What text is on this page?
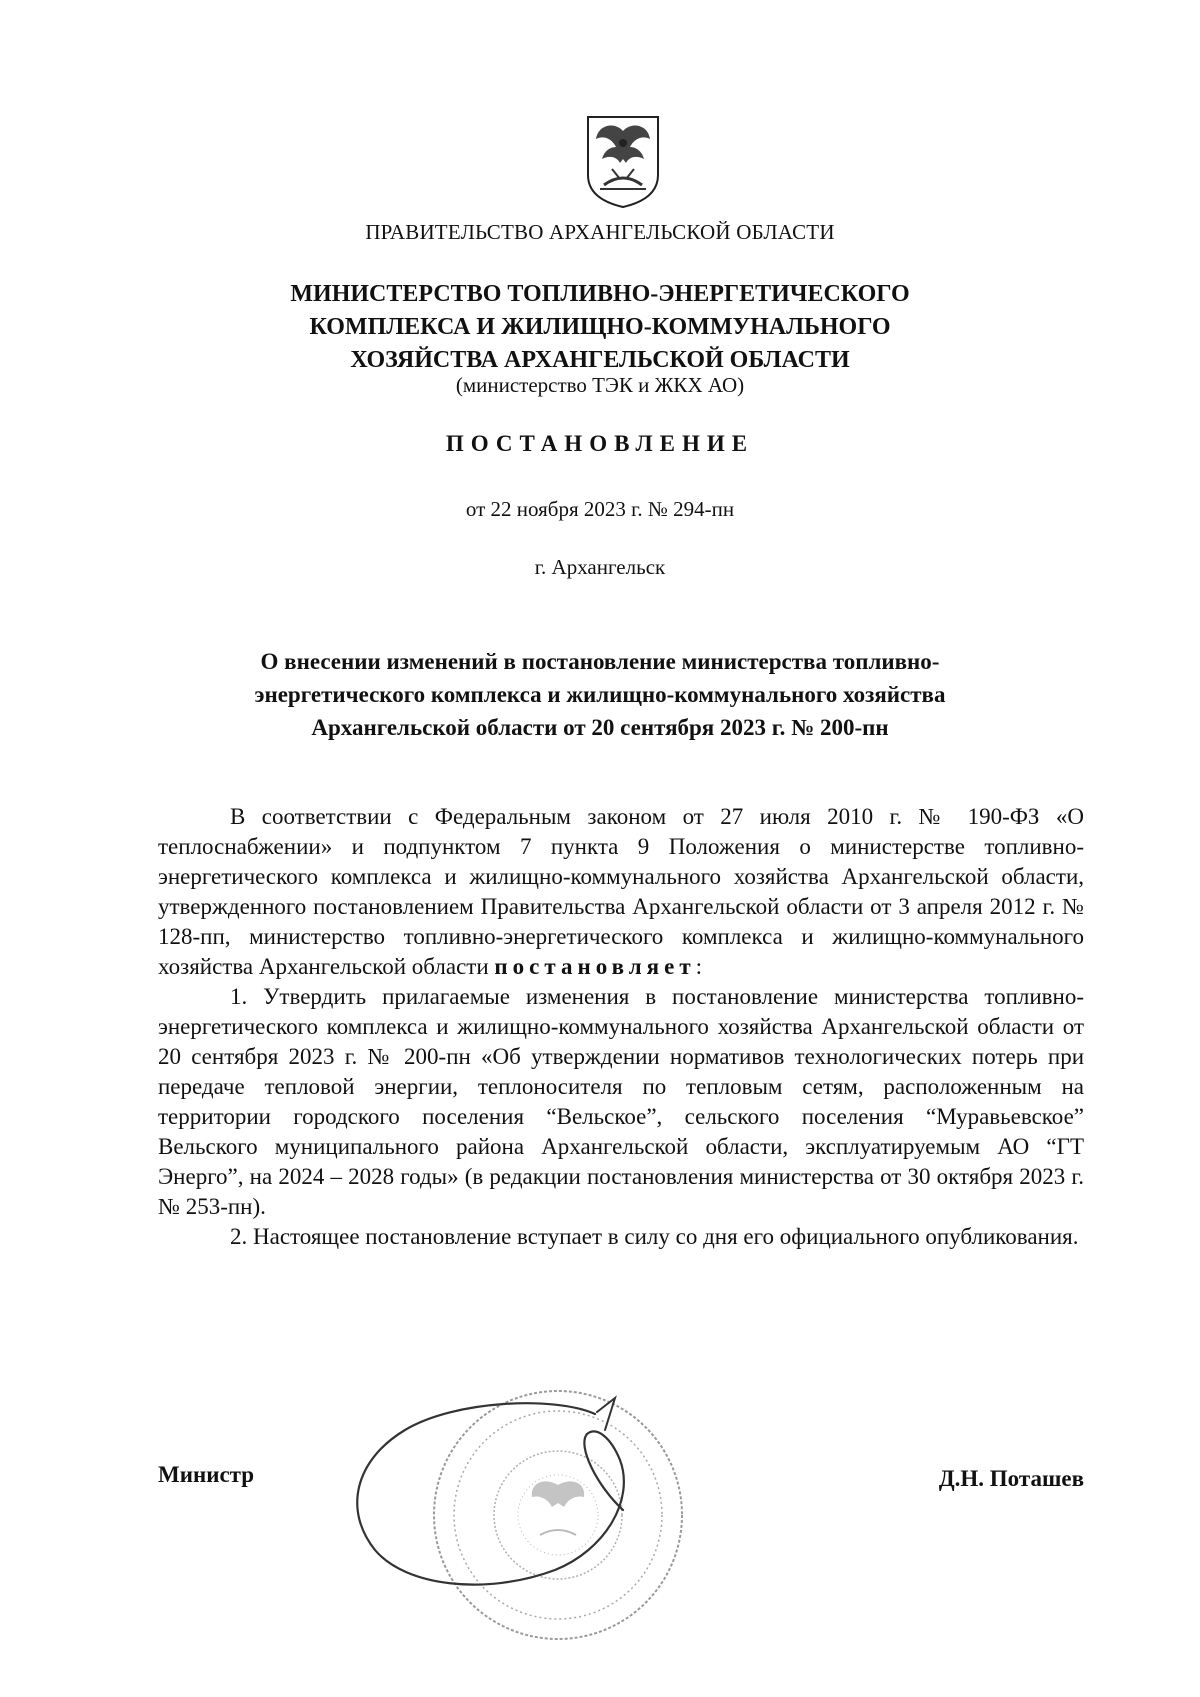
ПРАВИТЕЛЬСТВО АРХАНГЕЛЬСКОЙ ОБЛАСТИ
МИНИСТЕРСТВО ТОПЛИВНО-ЭНЕРГЕТИЧЕСКОГО
КОМПЛЕКСА И ЖИЛИЩНО-КОММУНАЛЬНОГО
ХОЗЯЙСТВА АРХАНГЕЛЬСКОЙ ОБЛАСТИ
(министерство ТЭК и ЖКХ АО)
ПОСТАНОВЛЕНИЕ
от 22 ноября 2023 г. № 294-пн
г. Архангельск
О внесении изменений в постановление министерства топливно-
энергетического комплекса и жилищно-коммунального хозяйства
Архангельской области от 20 сентября 2023 г. № 200-пн

В соответствии с Федеральным законом от 27 июля 2010 г. № 190-ФЗ «О теплоснабжении» и подпунктом 7 пункта 9 Положения о министерстве топливно-энергетического комплекса и жилищно-коммунального хозяйства Архангельской области, утвержденного постановлением Правительства Архангельской области от 3 апреля 2012 г. № 128-пп, министерство топливно-энергетического комплекса и жилищно-коммунального хозяйства Архангельской области постановляет:

1. Утвердить прилагаемые изменения в постановление министерства топливно-энергетического комплекса и жилищно-коммунального хозяйства Архангельской области от 20 сентября 2023 г. № 200-пн «Об утверждении нормативов технологических потерь при передаче тепловой энергии, теплоносителя по тепловым сетям, расположенным на территории городского поселения “Вельское”, сельского поселения “Муравьевское” Вельского муниципального района Архангельской области, эксплуатируемым АО “ГТ Энерго”, на 2024 – 2028 годы» (в редакции постановления министерства от 30 октября 2023 г. № 253-пн).

2. Настоящее постановление вступает в силу со дня его официального опубликования.

Министр	Д.Н. Поташев
